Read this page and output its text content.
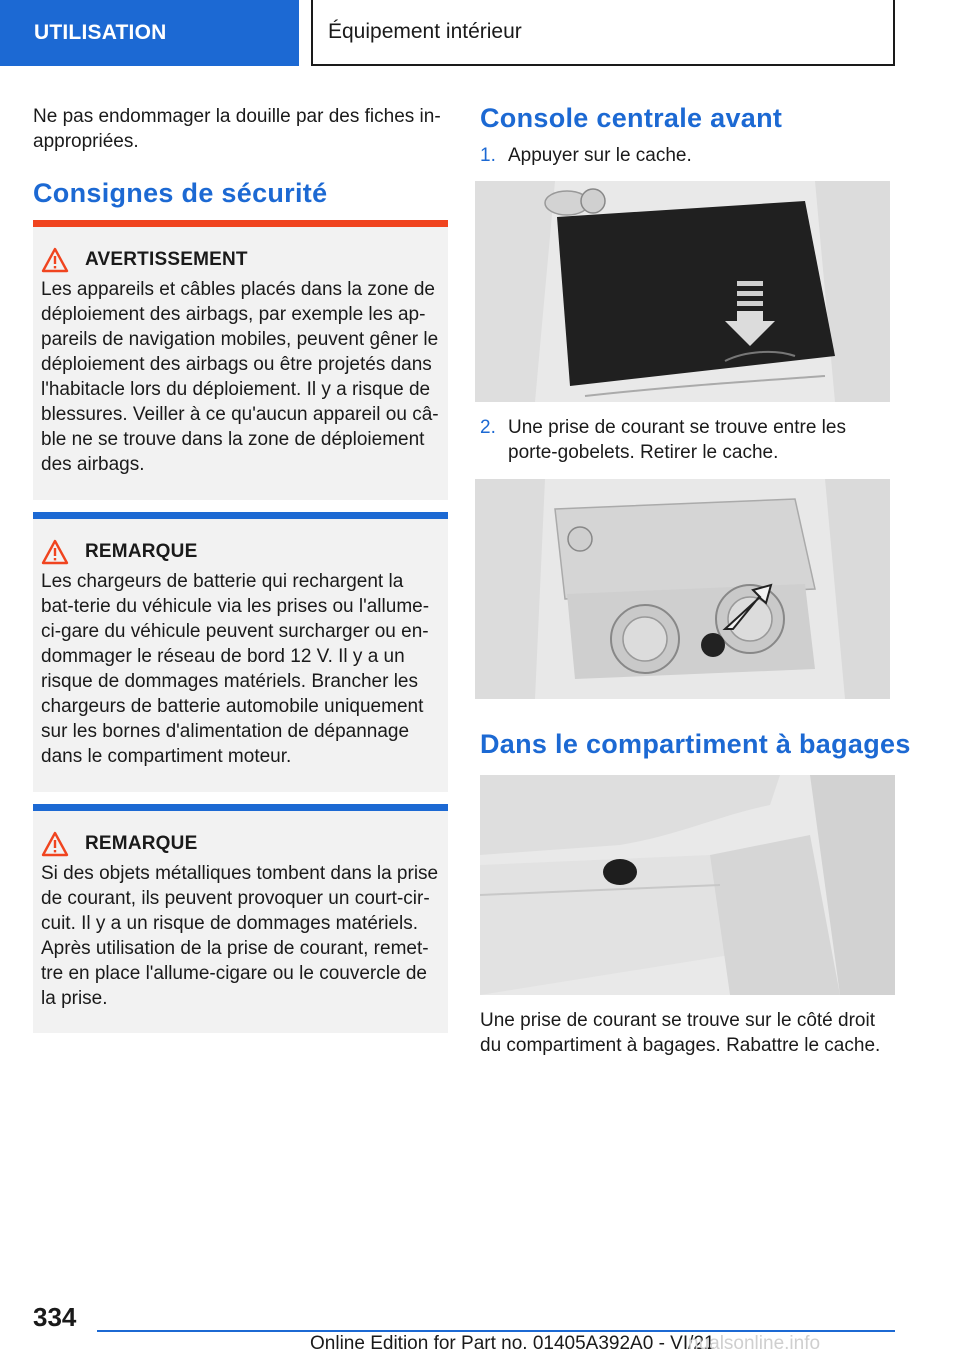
UTILISATION	Équipement intérieur
Ne pas endommager la douille par des fiches in-appropriées.
Consignes de sécurité
AVERTISSEMENT
Les appareils et câbles placés dans la zone de déploiement des airbags, par exemple les ap-pareils de navigation mobiles, peuvent gêner le déploiement des airbags ou être projetés dans l'habitacle lors du déploiement. Il y a risque de blessures. Veiller à ce qu'aucun appareil ou câ-ble ne se trouve dans la zone de déploiement des airbags.
REMARQUE
Les chargeurs de batterie qui rechargent la bat-terie du véhicule via les prises ou l'allume-ci-gare du véhicule peuvent surcharger ou en-dommager le réseau de bord 12 V. Il y a un risque de dommages matériels. Brancher les chargeurs de batterie automobile uniquement sur les bornes d'alimentation de dépannage dans le compartiment moteur.
REMARQUE
Si des objets métalliques tombent dans la prise de courant, ils peuvent provoquer un court-cir-cuit. Il y a un risque de dommages matériels. Après utilisation de la prise de courant, remet-tre en place l'allume-cigare ou le couvercle de la prise.
Console centrale avant
1. Appuyer sur le cache.
2. Une prise de courant se trouve entre les porte-gobelets. Retirer le cache.
Dans le compartiment à bagages
Une prise de courant se trouve sur le côté droit du compartiment à bagages. Rabattre le cache.
334
Online Edition for Part no. 01405A392A0 - VI/21
nualsonline.info
